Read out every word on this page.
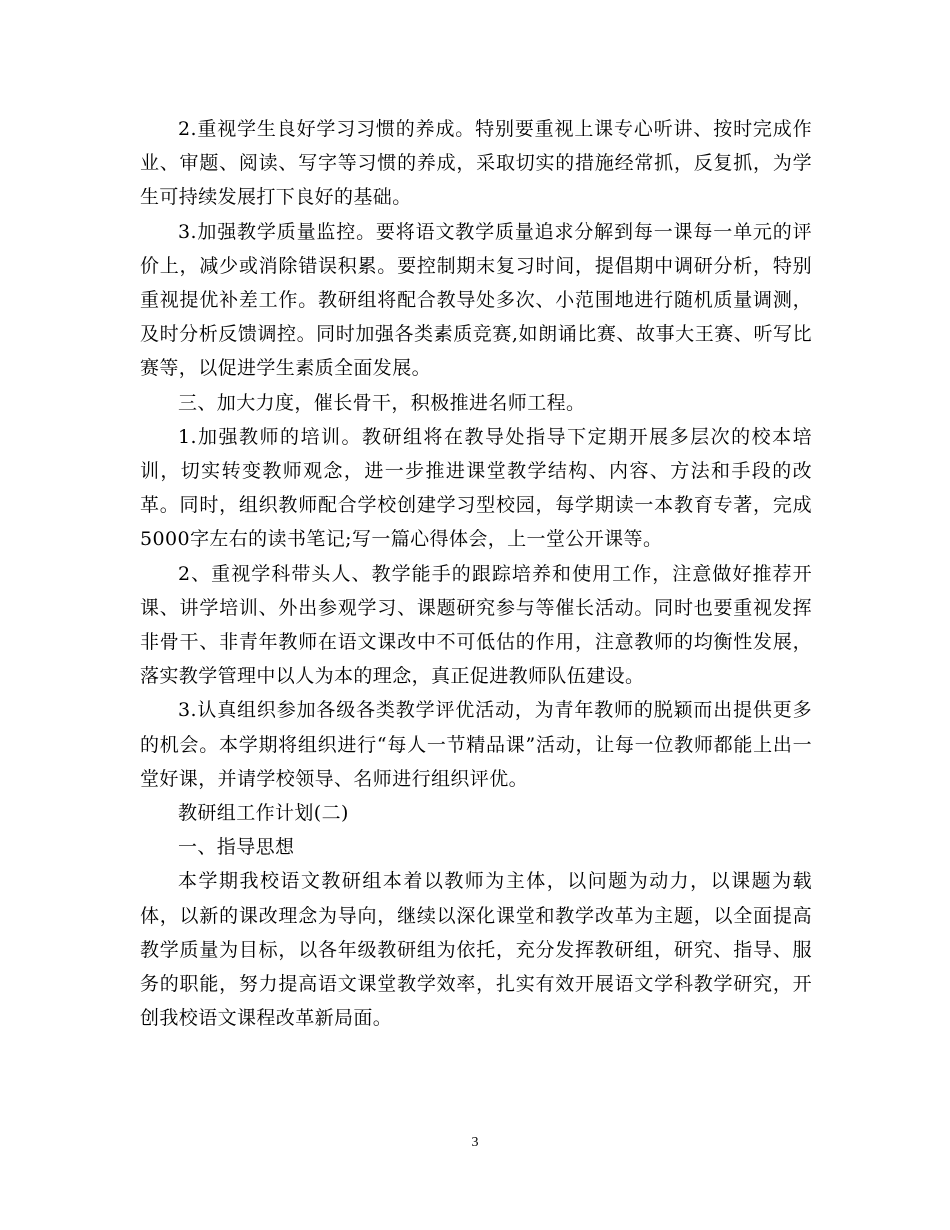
2.重视学生良好学习习惯的养成。特别要重视上课专心听讲、按时完成作业、审题、阅读、写字等习惯的养成，采取切实的措施经常抓，反复抓，为学生可持续发展打下良好的基础。

3.加强教学质量监控。要将语文教学质量追求分解到每一课每一单元的评价上，减少或消除错误积累。要控制期末复习时间，提倡期中调研分析，特别重视提优补差工作。教研组将配合教导处多次、小范围地进行随机质量调测，及时分析反馈调控。同时加强各类素质竞赛,如朗诵比赛、故事大王赛、听写比赛等，以促进学生素质全面发展。

三、加大力度，催长骨干，积极推进名师工程。

1.加强教师的培训。教研组将在教导处指导下定期开展多层次的校本培训，切实转变教师观念，进一步推进课堂教学结构、内容、方法和手段的改革。同时，组织教师配合学校创建学习型校园，每学期读一本教育专著，完成5000字左右的读书笔记;写一篇心得体会，上一堂公开课等。

2、重视学科带头人、教学能手的跟踪培养和使用工作，注意做好推荐开课、讲学培训、外出参观学习、课题研究参与等催长活动。同时也要重视发挥非骨干、非青年教师在语文课改中不可低估的作用，注意教师的均衡性发展，落实教学管理中以人为本的理念，真正促进教师队伍建设。

3.认真组织参加各级各类教学评优活动，为青年教师的脱颖而出提供更多的机会。本学期将组织进行“每人一节精品课”活动，让每一位教师都能上出一堂好课，并请学校领导、名师进行组织评优。

教研组工作计划(二)

一、指导思想

本学期我校语文教研组本着以教师为主体，以问题为动力，以课题为载体，以新的课改理念为导向，继续以深化课堂和教学改革为主题，以全面提高教学质量为目标，以各年级教研组为依托，充分发挥教研组，研究、指导、服务的职能，努力提高语文课堂教学效率，扎实有效开展语文学科教学研究，开创我校语文课程改革新局面。

3
